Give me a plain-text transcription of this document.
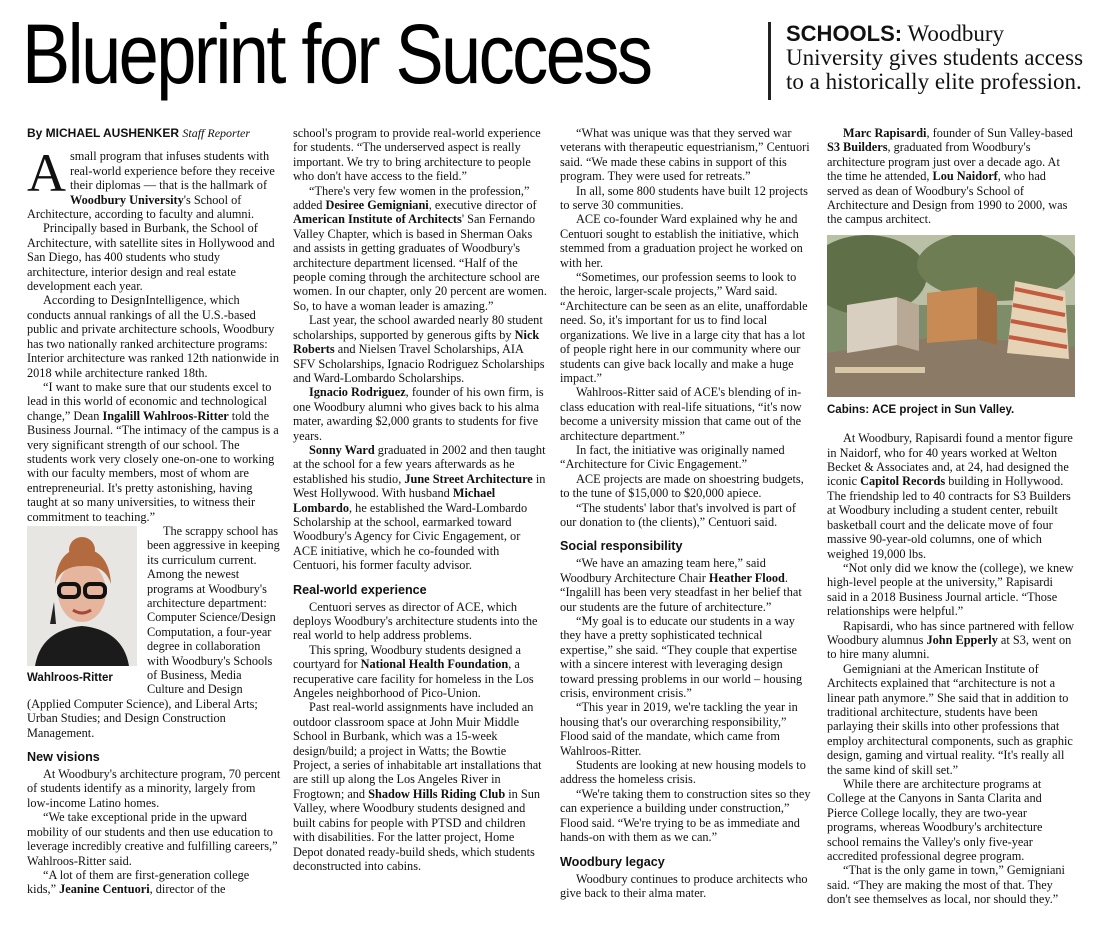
Blueprint for Success	SCHOOLS: Woodbury University gives students access to a historically elite profession.

By MICHAEL AUSHENKER Staff Reporter

A small program that infuses students with real-world experience before they receive their diplomas — that is the hallmark of Woodbury University's School of Architecture, according to faculty and alumni.

Principally based in Burbank, the School of Architecture, with satellite sites in Hollywood and San Diego, has 400 students who study architecture, interior design and real estate development each year.

According to DesignIntelligence, which conducts annual rankings of all the U.S.-based public and private architecture schools, Woodbury has two nationally ranked architecture programs: Interior architecture was ranked 12th nationwide in 2018 while architecture ranked 18th.

“I want to make sure that our students excel to lead in this world of economic and technological change,” Dean Ingalill Wahlroos-Ritter told the Business Journal. “The intimacy of the campus is a very significant strength of our school. The students work very closely one-on-one to working with our faculty members, most of whom are entrepreneurial. It's pretty astonishing, having taught at so many universities, to witness their commitment to teaching.”

Wahlroos-Ritter

The scrappy school has been aggressive in keeping its curriculum current. Among the newest programs at Woodbury's architecture department: Computer Science/Design Computation, a four-year degree in collaboration with Woodbury's Schools of Business, Media Culture and Design (Applied Computer Science), and Liberal Arts; Urban Studies; and Design Construction Management.

New visions

At Woodbury's architecture program, 70 percent of students identify as a minority, largely from low-income Latino homes.

“We take exceptional pride in the upward mobility of our students and then use education to leverage incredibly creative and fulfilling careers,” Wahlroos-Ritter said.

“A lot of them are first-generation college kids,” Jeanine Centuori, director of the

school's program to provide real-world experience for students. “The underserved aspect is really important. We try to bring architecture to people who don't have access to the field.”

“There's very few women in the profession,” added Desiree Gemigniani, executive director of American Institute of Architects' San Fernando Valley Chapter, which is based in Sherman Oaks and assists in getting graduates of Woodbury's architecture department licensed. “Half of the people coming through the architecture school are women. In our chapter, only 20 percent are women. So, to have a woman leader is amazing.”

Last year, the school awarded nearly 80 student scholarships, supported by generous gifts by Nick Roberts and Nielsen Travel Scholarships, AIA SFV Scholarships, Ignacio Rodriguez Scholarships and Ward-Lombardo Scholarships.

Ignacio Rodriguez, founder of his own firm, is one Woodbury alumni who gives back to his alma mater, awarding $2,000 grants to students for five years.

Sonny Ward graduated in 2002 and then taught at the school for a few years afterwards as he established his studio, June Street Architecture in West Hollywood. With husband Michael Lombardo, he established the Ward-Lombardo Scholarship at the school, earmarked toward Woodbury's Agency for Civic Engagement, or ACE initiative, which he co-founded with Centuori, his former faculty advisor.

Real-world experience

Centuori serves as director of ACE, which deploys Woodbury's architecture students into the real world to help address problems.

This spring, Woodbury students designed a courtyard for National Health Foundation, a recuperative care facility for homeless in the Los Angeles neighborhood of Pico-Union.

Past real-world assignments have included an outdoor classroom space at John Muir Middle School in Burbank, which was a 15-week design/build; a project in Watts; the Bowtie Project, a series of inhabitable art installations that are still up along the Los Angeles River in Frogtown; and Shadow Hills Riding Club in Sun Valley, where Woodbury students designed and built cabins for people with PTSD and children with disabilities. For the latter project, Home Depot donated ready-build sheds, which students deconstructed into cabins.

“What was unique was that they served war veterans with therapeutic equestrianism,” Centuori said. “We made these cabins in support of this program. They were used for retreats.”

In all, some 800 students have built 12 projects to serve 30 communities.

ACE co-founder Ward explained why he and Centuori sought to establish the initiative, which stemmed from a graduation project he worked on with her.

“Sometimes, our profession seems to look to the heroic, larger-scale projects,” Ward said. “Architecture can be seen as an elite, unaffordable need. So, it's important for us to find local organizations. We live in a large city that has a lot of people right here in our community where our students can give back locally and make a huge impact.”

Wahlroos-Ritter said of ACE's blending of in-class education with real-life situations, “it's now become a university mission that came out of the architecture department.”

In fact, the initiative was originally named “Architecture for Civic Engagement.”

ACE projects are made on shoestring budgets, to the tune of $15,000 to $20,000 apiece.

“The students' labor that's involved is part of our donation to (the clients),” Centuori said.

Social responsibility

“We have an amazing team here,” said Woodbury Architecture Chair Heather Flood. “Ingalill has been very steadfast in her belief that our students are the future of architecture.”

“My goal is to educate our students in a way they have a pretty sophisticated technical expertise,” she said. “They couple that expertise with a sincere interest with leveraging design toward pressing problems in our world – housing crisis, environment crisis.”

“This year in 2019, we're tackling the year in housing that's our overarching responsibility,” Flood said of the mandate, which came from Wahlroos-Ritter.

Students are looking at new housing models to address the homeless crisis.

“We're taking them to construction sites so they can experience a building under construction,” Flood said. “We're trying to be as immediate and hands-on with them as we can.”

Woodbury legacy

Woodbury continues to produce architects who give back to their alma mater.

Marc Rapisardi, founder of Sun Valley-based S3 Builders, graduated from Woodbury's architecture program just over a decade ago. At the time he attended, Lou Naidorf, who had served as dean of Woodbury's School of Architecture and Design from 1990 to 2000, was the campus architect.

Cabins: ACE project in Sun Valley.

At Woodbury, Rapisardi found a mentor figure in Naidorf, who for 40 years worked at Welton Becket & Associates and, at 24, had designed the iconic Capitol Records building in Hollywood. The friendship led to 40 contracts for S3 Builders at Woodbury including a student center, rebuilt basketball court and the delicate move of four massive 90-year-old columns, one of which weighed 19,000 lbs.

“Not only did we know the (college), we knew high-level people at the university,” Rapisardi said in a 2018 Business Journal article. “Those relationships were helpful.”

Rapisardi, who has since partnered with fellow Woodbury alumnus John Epperly at S3, went on to hire many alumni.

Gemigniani at the American Institute of Architects explained that “architecture is not a linear path anymore.” She said that in addition to traditional architecture, students have been parlaying their skills into other professions that employ architectural components, such as graphic design, gaming and virtual reality. “It's really all the same kind of skill set.”

While there are architecture programs at College at the Canyons in Santa Clarita and Pierce College locally, they are two-year programs, whereas Woodbury's architecture school remains the Valley's only five-year accredited professional degree program.

“That is the only game in town,” Gemigniani said. “They are making the most of that. They don't see themselves as local, nor should they.”
